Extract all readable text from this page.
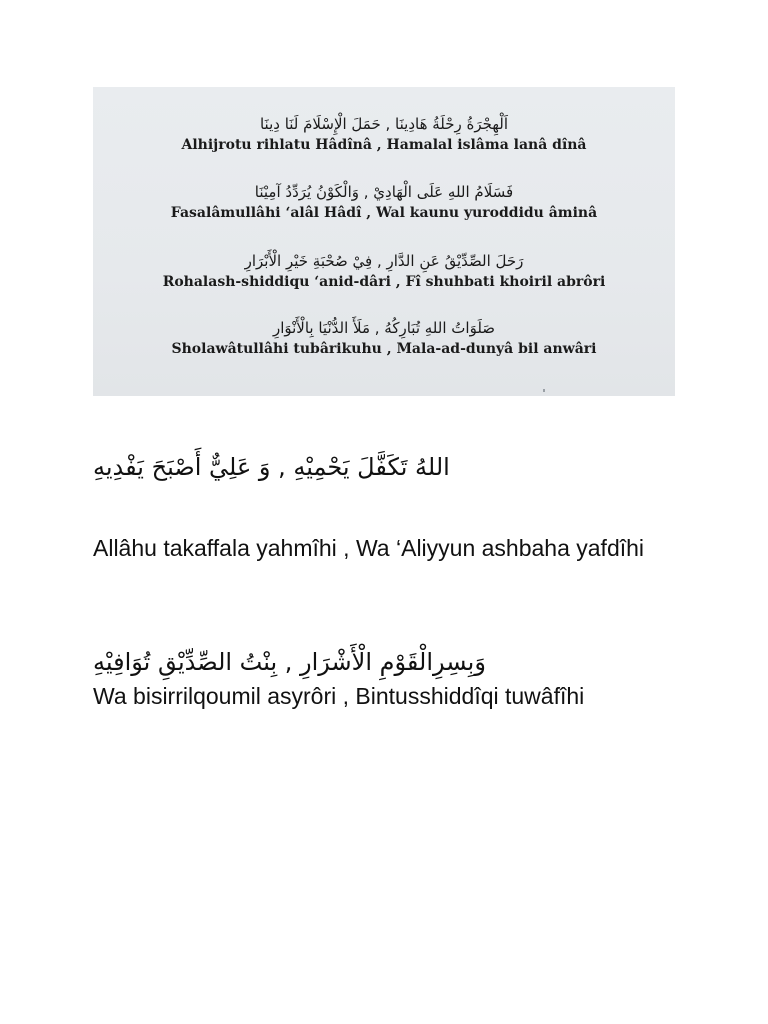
اَلْهِجْرَةُ رِحْلَةُ هَادِينَا , حَمَلَ الْإِسْلَامَ لَنَا دِينَا
Alhijrotu rihlatu Hâdînâ , Hamalal islâma lanâ dînâ
فَسَلَامُ اللهِ عَلَى الْهَادِيْ , وَالْكَوْنُ يُرَدِّدُ آمِيْنَا
Fasalâmullâhi ‘alâl Hâdî , Wal kaunu yuroddidu âminâ
رَحَلَ الصِّدِّيْقُ عَنِ الدَّارِ , فِيْ صُحْبَةِ خَيْرِ الْأَبْرَارِ
Rohalash-shiddiqu ‘anid-dâri , Fî shuhbati khoiril abrôri
صَلَوَاتُ اللهِ تُبَارِكُهُ , مَلَأَ الدُّنْيَا بِالْأَنْوَارِ
Sholawâtullâhi tubârikuhu , Mala-ad-dunyâ bil anwâri
اللهُ تَكَفَّلَ يَحْمِيْهِ , وَ عَلِيٌّ أَصْبَحَ يَفْدِيهِ
Allâhu takaffala yahmîhi , Wa ‘Aliyyun ashbaha yafdîhi
وَبِسِرِالْقَوْمِ الْأَشْرَارِ , بِنْتُ الصِّدِّيْقِ تُوَافِيْهِ
Wa bisirrilqoumil asyrôri , Bintusshiddîqi tuwâfîhi
